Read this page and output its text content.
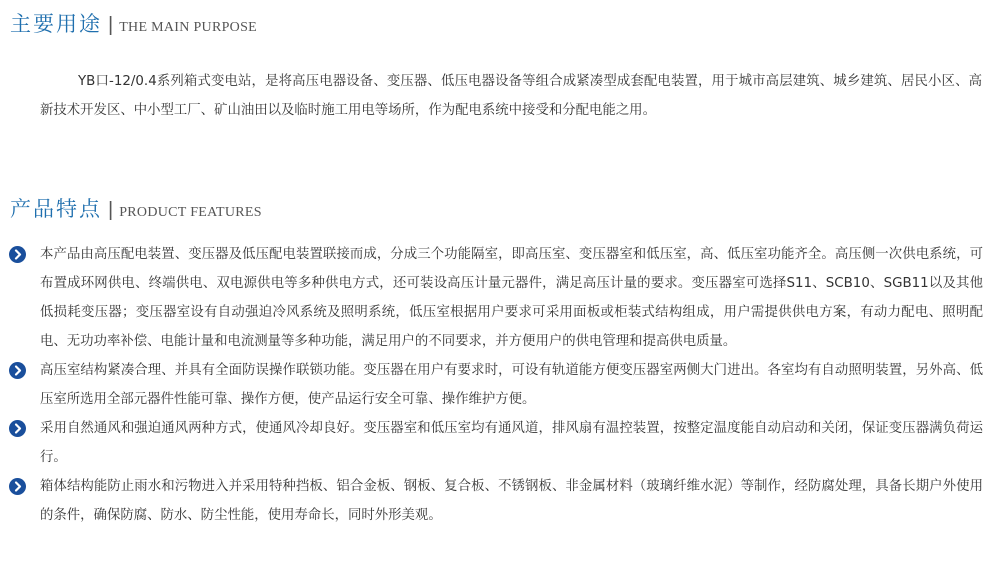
主要用途 | THE MAIN PURPOSE

YB口-12/0.4系列箱式变电站，是将高压电器设备、变压器、低压电器设备等组合成紧凑型成套配电装置，用于城市高层建筑、城乡建筑、居民小区、高新技术开发区、中小型工厂、矿山油田以及临时施工用电等场所，作为配电系统中接受和分配电能之用。

产品特点 | PRODUCT FEATURES
本产品由高压配电装置、变压器及低压配电装置联接而成，分成三个功能隔室，即高压室、变压器室和低压室，高、低压室功能齐全。高压侧一次供电系统，可布置成环网供电、终端供电、双电源供电等多种供电方式，还可装设高压计量元器件，满足高压计量的要求。变压器室可选择S11、SCB10、SGB11以及其他低损耗变压器；变压器室设有自动强迫冷风系统及照明系统，低压室根据用户要求可采用面板或柜装式结构组成，用户需提供供电方案，有动力配电、照明配电、无功功率补偿、电能计量和电流测量等多种功能，满足用户的不同要求，并方便用户的供电管理和提高供电质量。
高压室结构紧凑合理、并具有全面防误操作联锁功能。变压器在用户有要求时，可设有轨道能方便变压器室两侧大门进出。各室均有自动照明装置，另外高、低压室所选用全部元器件性能可靠、操作方便，使产品运行安全可靠、操作维护方便。
采用自然通风和强迫通风两种方式，使通风冷却良好。变压器室和低压室均有通风道，排风扇有温控装置，按整定温度能自动启动和关闭，保证变压器满负荷运行。
箱体结构能防止雨水和污物进入并采用特种挡板、铝合金板、钢板、复合板、不锈钢板、非金属材料（玻璃纤维水泥）等制作，经防腐处理，具备长期户外使用的条件，确保防腐、防水、防尘性能，使用寿命长，同时外形美观。
